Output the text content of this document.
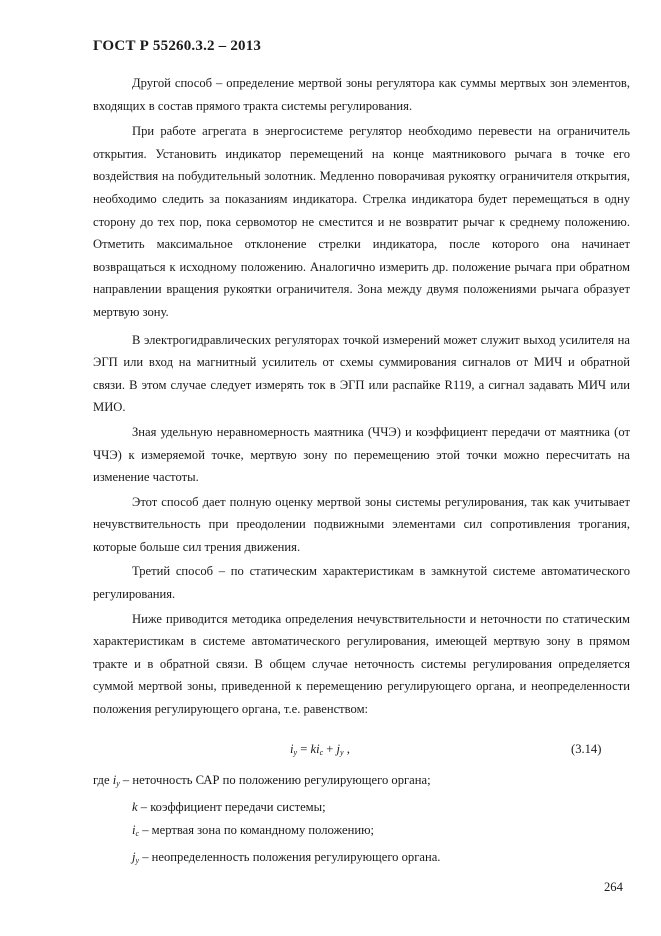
ГОСТ Р 55260.3.2 – 2013

Другой способ – определение мертвой зоны регулятора как суммы мертвых зон элементов, входящих в состав прямого тракта системы регулирования.

При работе агрегата в энергосистеме регулятор необходимо перевести на ограничитель открытия. Установить индикатор перемещений на конце маятникового рычага в точке его воздействия на побудительный золотник. Медленно поворачивая рукоятку ограничителя открытия, необходимо следить за показаниям индикатора. Стрелка индикатора будет перемещаться в одну сторону до тех пор, пока сервомотор не сместится и не возвратит рычаг к среднему положению. Отметить максимальное отклонение стрелки индикатора, после которого она начинает возвращаться к исходному положению. Аналогично измерить др. положение рычага при обратном направлении вращения рукоятки ограничителя. Зона между двумя положениями рычага образует мертвую зону.

В электрогидравлических регуляторах точкой измерений может служит выход усилителя на ЭГП или вход на магнитный усилитель от схемы суммирования сигналов от МИЧ и обратной связи. В этом случае следует измерять ток в ЭГП или распайке R119, а сигнал задавать МИЧ или МИО.

Зная удельную неравномерность маятника (ЧЧЭ) и коэффициент передачи от маятника (от ЧЧЭ) к измеряемой точке, мертвую зону по перемещению этой точки можно пересчитать на изменение частоты.

Этот способ дает полную оценку мертвой зоны системы регулирования, так как учитывает нечувствительность при преодолении подвижными элементами сил сопротивления трогания, которые больше сил трения движения.

Третий способ – по статическим характеристикам в замкнутой системе автоматического регулирования.

Ниже приводится методика определения нечувствительности и неточности по статическим характеристикам в системе автоматического регулирования, имеющей мертвую зону в прямом тракте и в обратной связи. В общем случае неточность системы регулирования определяется суммой мертвой зоны, приведенной к перемещению регулирующего органа, и неопределенности положения регулирующего органа, т.е. равенством:

$i_у = ki_с + j_у$ ,	(3.14)
где $i_у$ – неточность САР по положению регулирующего органа;
k – коэффициент передачи системы;
$i_с$ – мертвая зона по командному положению;
$j_у$ – неопределенность положения регулирующего органа.
264
